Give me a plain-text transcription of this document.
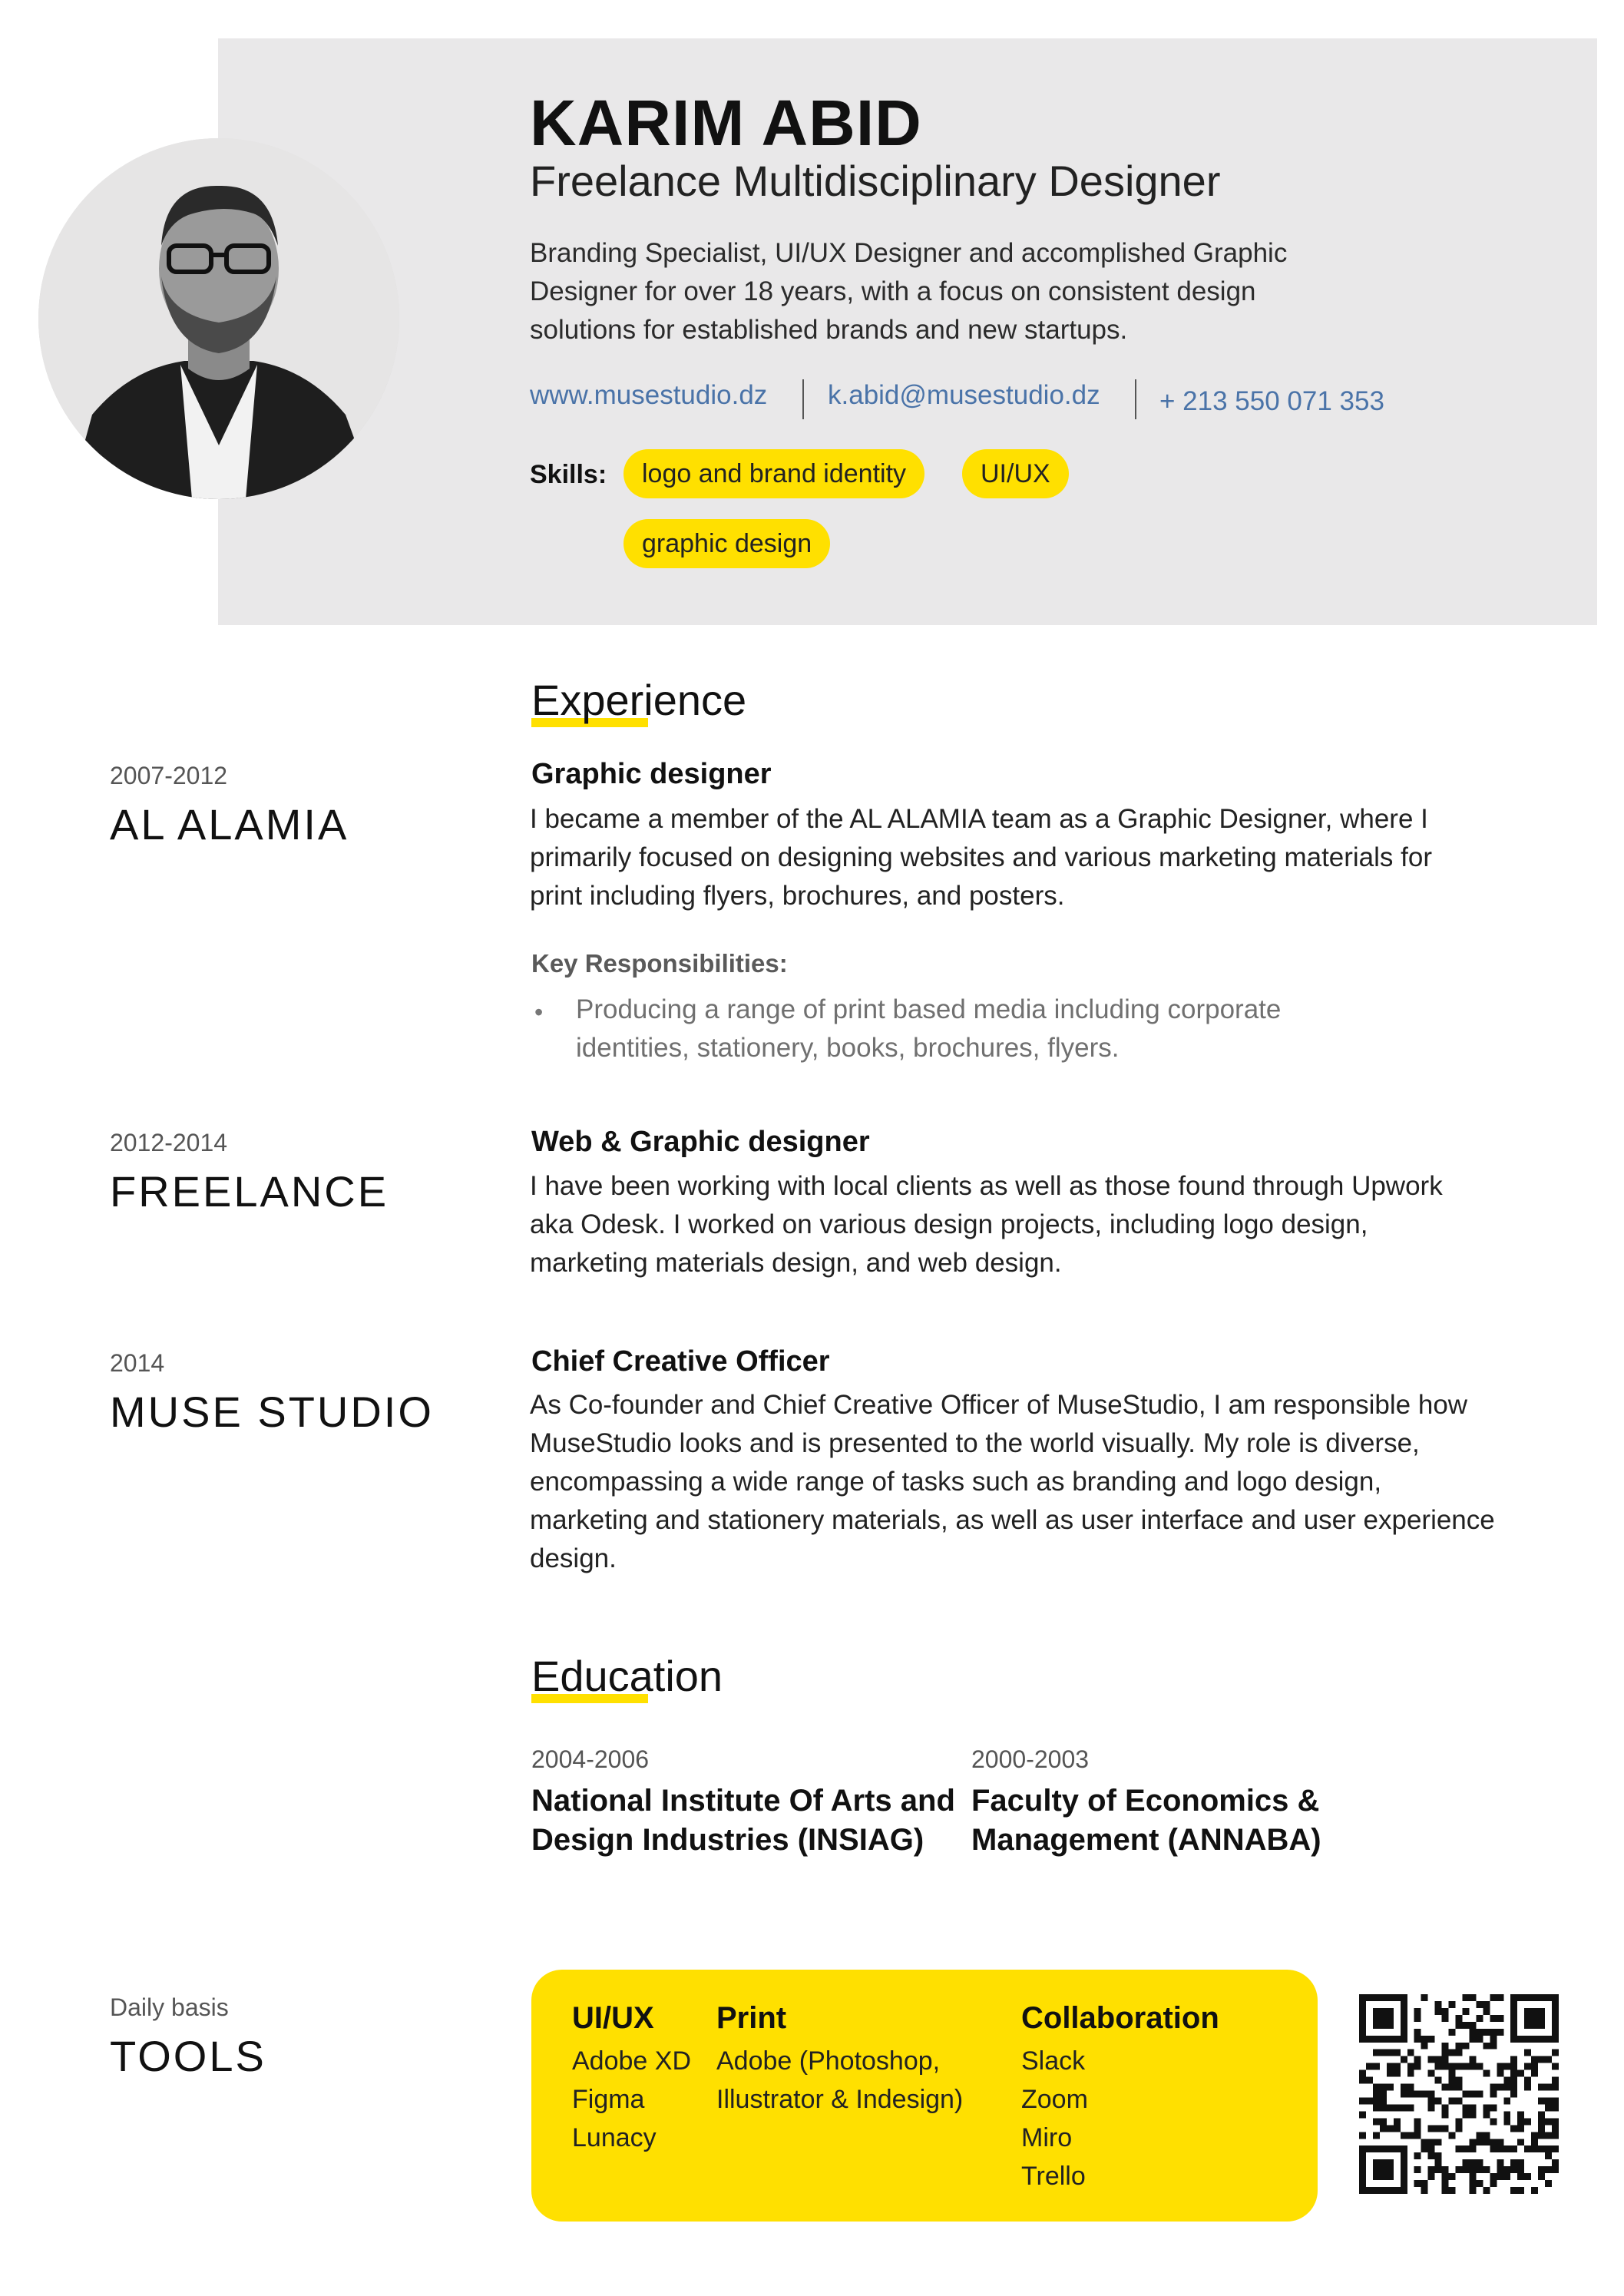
KARIM ABID
Freelance Multidisciplinary Designer
Branding Specialist, UI/UX Designer and accomplished Graphic Designer for over 18 years, with a focus on consistent design solutions for established brands and new startups.
www.musestudio.dz k.abid@musestudio.dz + 213 550 071 353
Skills:	logo and brand identity	UI/UX
graphic design
Experience
2007-2012
AL ALAMIA
Graphic designer
I became a member of the AL ALAMIA team as a Graphic Designer, where I primarily focused on designing websites and various marketing materials for print including flyers, brochures, and posters.
Key Responsibilities:
• Producing a range of print based media including corporate identities, stationery, books, brochures, flyers.
2012-2014
FREELANCE
Web & Graphic designer
I have been working with local clients as well as those found through Upwork aka Odesk. I worked on various design projects, including logo design, marketing materials design, and web design.
2014
MUSE STUDIO
Chief Creative Officer
As Co-founder and Chief Creative Officer of MuseStudio, I am responsible how MuseStudio looks and is presented to the world visually. My role is diverse, encompassing a wide range of tasks such as branding and logo design, marketing and stationery materials, as well as user interface and user experience design.
Education
2004-2006
National Institute Of Arts and Design Industries (INSIAG)
2000-2003
Faculty of Economics & Management (ANNABA)
Daily basis
TOOLS
UI/UX
Adobe XD
Figma
Lunacy
Print
Adobe (Photoshop,
Illustrator & Indesign)
Collaboration
Slack
Zoom
Miro
Trello
